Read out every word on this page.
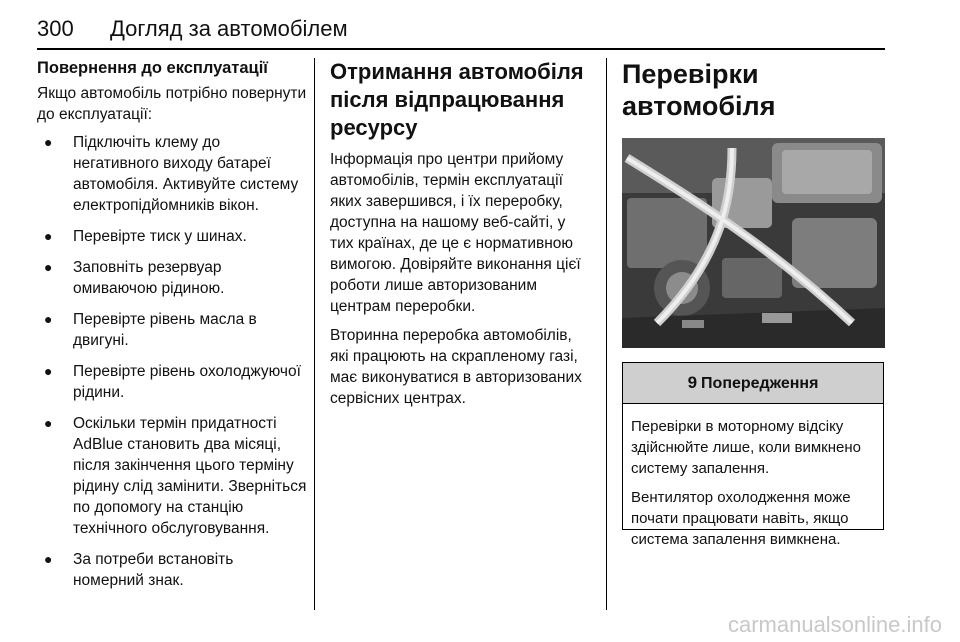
300 Догляд за автомобілем
Повернення до експлуатації
Якщо автомобіль потрібно повернути до експлуатації:
● Підключіть клему до негативного виходу батареї автомобіля. Активуйте систему електропідйомників вікон.
● Перевірте тиск у шинах.
● Заповніть резервуар омиваючою рідиною.
● Перевірте рівень масла в двигуні.
● Перевірте рівень охолоджуючої рідини.
● Оскільки термін придатності AdBlue становить два місяці, після закінчення цього терміну рідину слід замінити. Зверніться по допомогу на станцію технічного обслуговування.
● За потреби встановіть номерний знак.
Отримання автомобіля після відпрацювання ресурсу

Інформація про центри прийому автомобілів, термін експлуатації яких завершився, і їх переробку, доступна на нашому веб-сайті, у тих країнах, де це є нормативною вимогою. Довіряйте виконання цієї роботи лише авторизованим центрам переробки.

Вторинна переробка автомобілів, які працюють на скрапленому газі, має виконуватися в авторизованих сервісних центрах.

Перевірки автомобіля
9 Попередження

Перевірки в моторному відсіку здійснюйте лише, коли вимкнено систему запалення.

Вентилятор охолодження може почати працювати навіть, якщо система запалення вимкнена.

carmanualsonline.info
